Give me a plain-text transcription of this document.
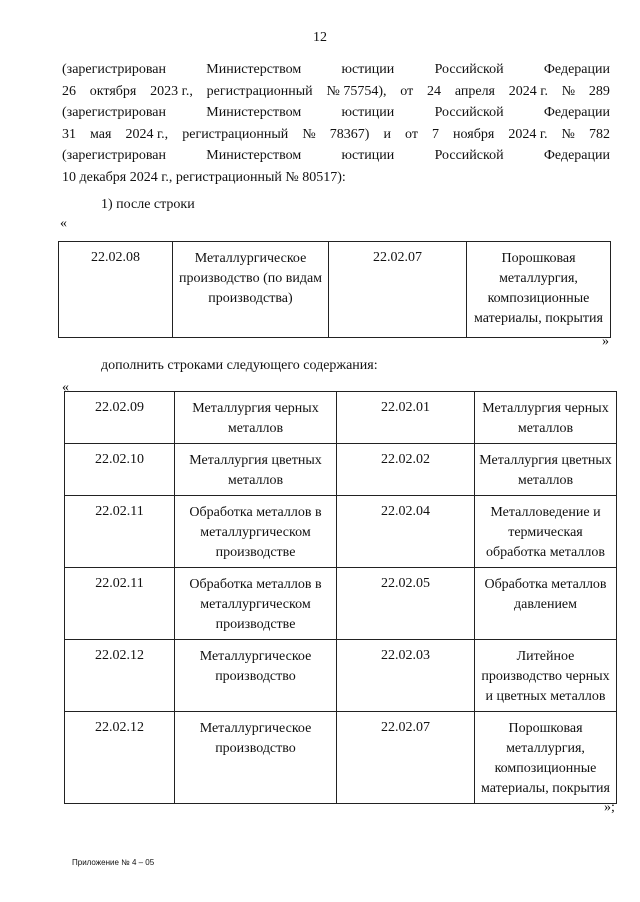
12
(зарегистрирован	Министерством	юстиции	Российской	Федерации
26 октября 2023 г., регистрационный № 75754), от 24 апреля 2024 г. № 289
(зарегистрирован	Министерством	юстиции	Российской	Федерации
31 мая 2024 г., регистрационный № 78367) и от 7 ноября 2024 г. № 782
(зарегистрирован	Министерством	юстиции	Российской	Федерации
10 декабря 2024 г., регистрационный № 80517):
1) после строки
«
22.02.08	Металлургическое производство (по видам производства)	22.02.07	Порошковая металлургия, композиционные материалы, покрытия
»
дополнить строками следующего содержания:
«
22.02.09	Металлургия черных металлов	22.02.01	Металлургия черных металлов
22.02.10	Металлургия цветных металлов	22.02.02	Металлургия цветных металлов
22.02.11	Обработка металлов в металлургическом производстве	22.02.04	Металловедение и термическая обработка металлов
22.02.11	Обработка металлов в металлургическом производстве	22.02.05	Обработка металлов давлением
22.02.12	Металлургическое производство	22.02.03	Литейное производство черных и цветных металлов
22.02.12	Металлургическое производство	22.02.07	Порошковая металлургия, композиционные материалы, покрытия
»;
Приложение № 4 – 05
